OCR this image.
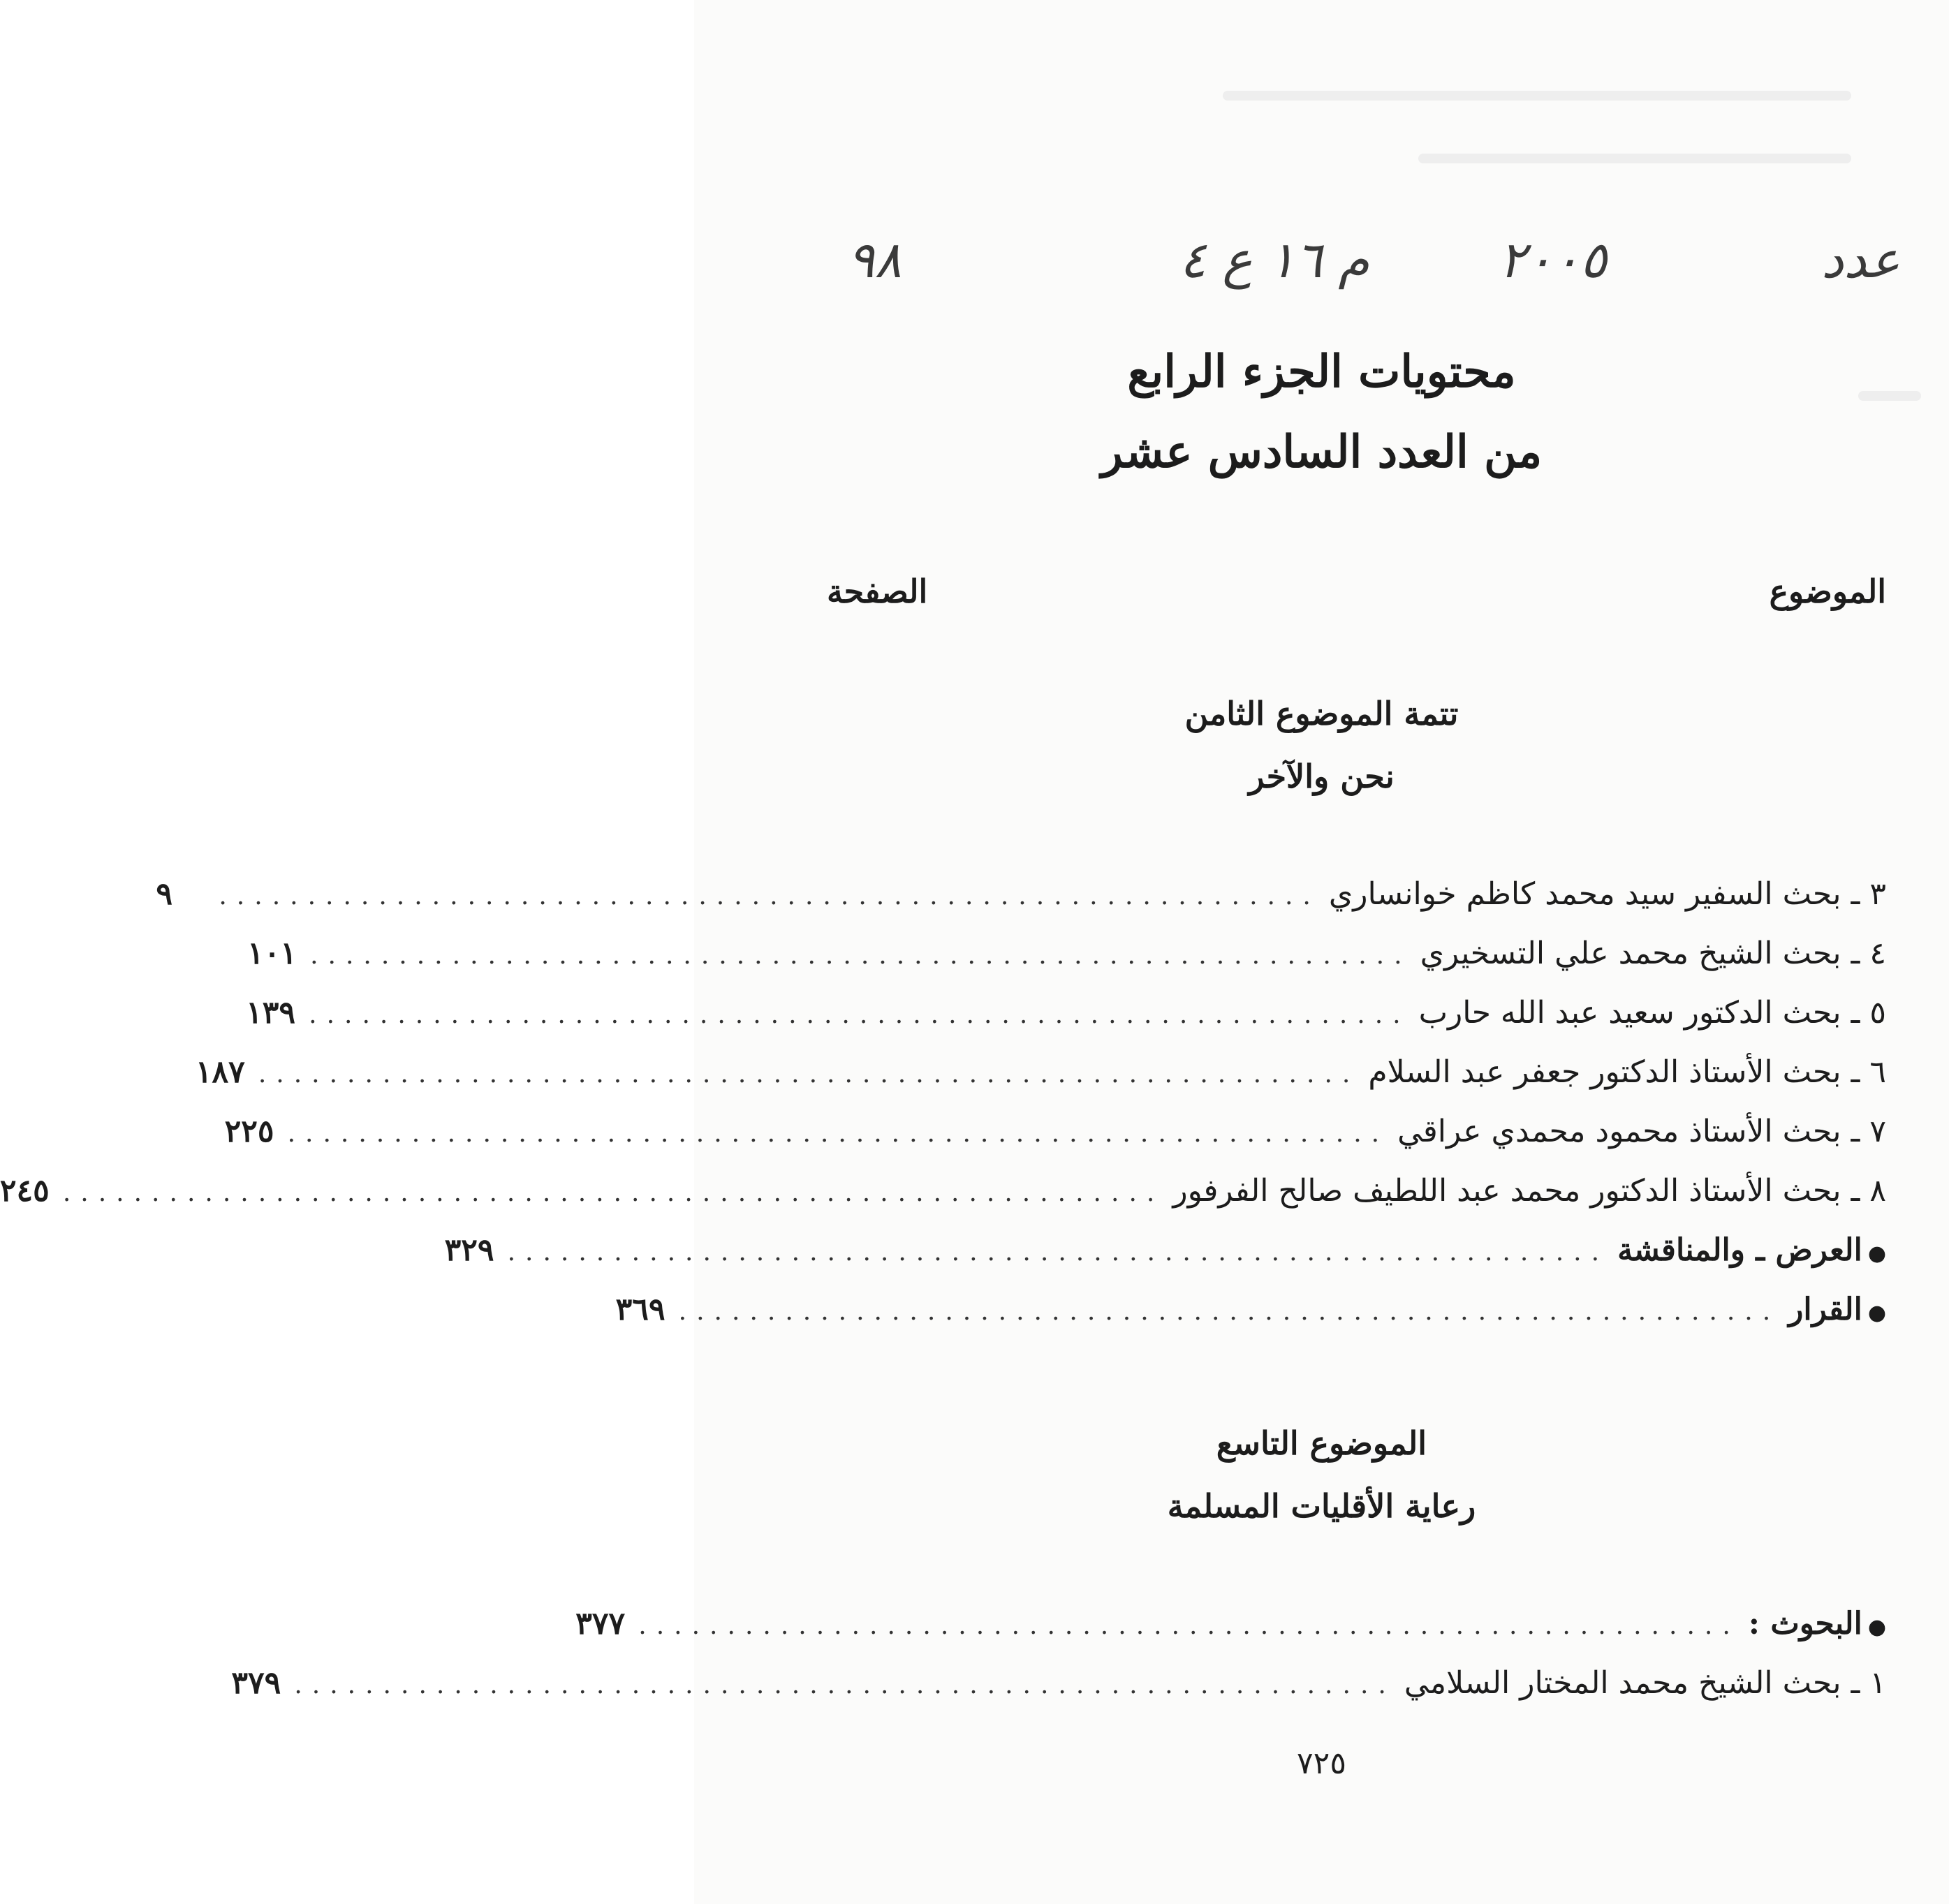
عدد
٢٠٠٥
م ١٦ ع ٤
٩٨
محتويات الجزء الرابع
من العدد السادس عشر
الموضوع
الصفحة
تتمة الموضوع الثامن
نحن والآخر
٣ ـ بحث السفير سيد محمد كاظم خوانساري
..............................................................
٩
٤ ـ بحث الشيخ محمد علي التسخيري
..............................................................
١٠١
٥ ـ بحث الدكتور سعيد عبد الله حارب
..............................................................
١٣٩
٦ ـ بحث الأستاذ الدكتور جعفر عبد السلام
..............................................................
١٨٧
٧ ـ بحث الأستاذ محمود محمدي عراقي
..............................................................
٢٢٥
٨ ـ بحث الأستاذ الدكتور محمد عبد اللطيف صالح الفرفور
..............................................................
٢٤٥
●
العرض ـ والمناقشة
..............................................................
٣٢٩
●
القرار
..............................................................
٣٦٩
الموضوع التاسع
رعاية الأقليات المسلمة
●
البحوث :
..............................................................
٣٧٧
١ ـ بحث الشيخ محمد المختار السلامي
..............................................................
٣٧٩
٧٢٥
